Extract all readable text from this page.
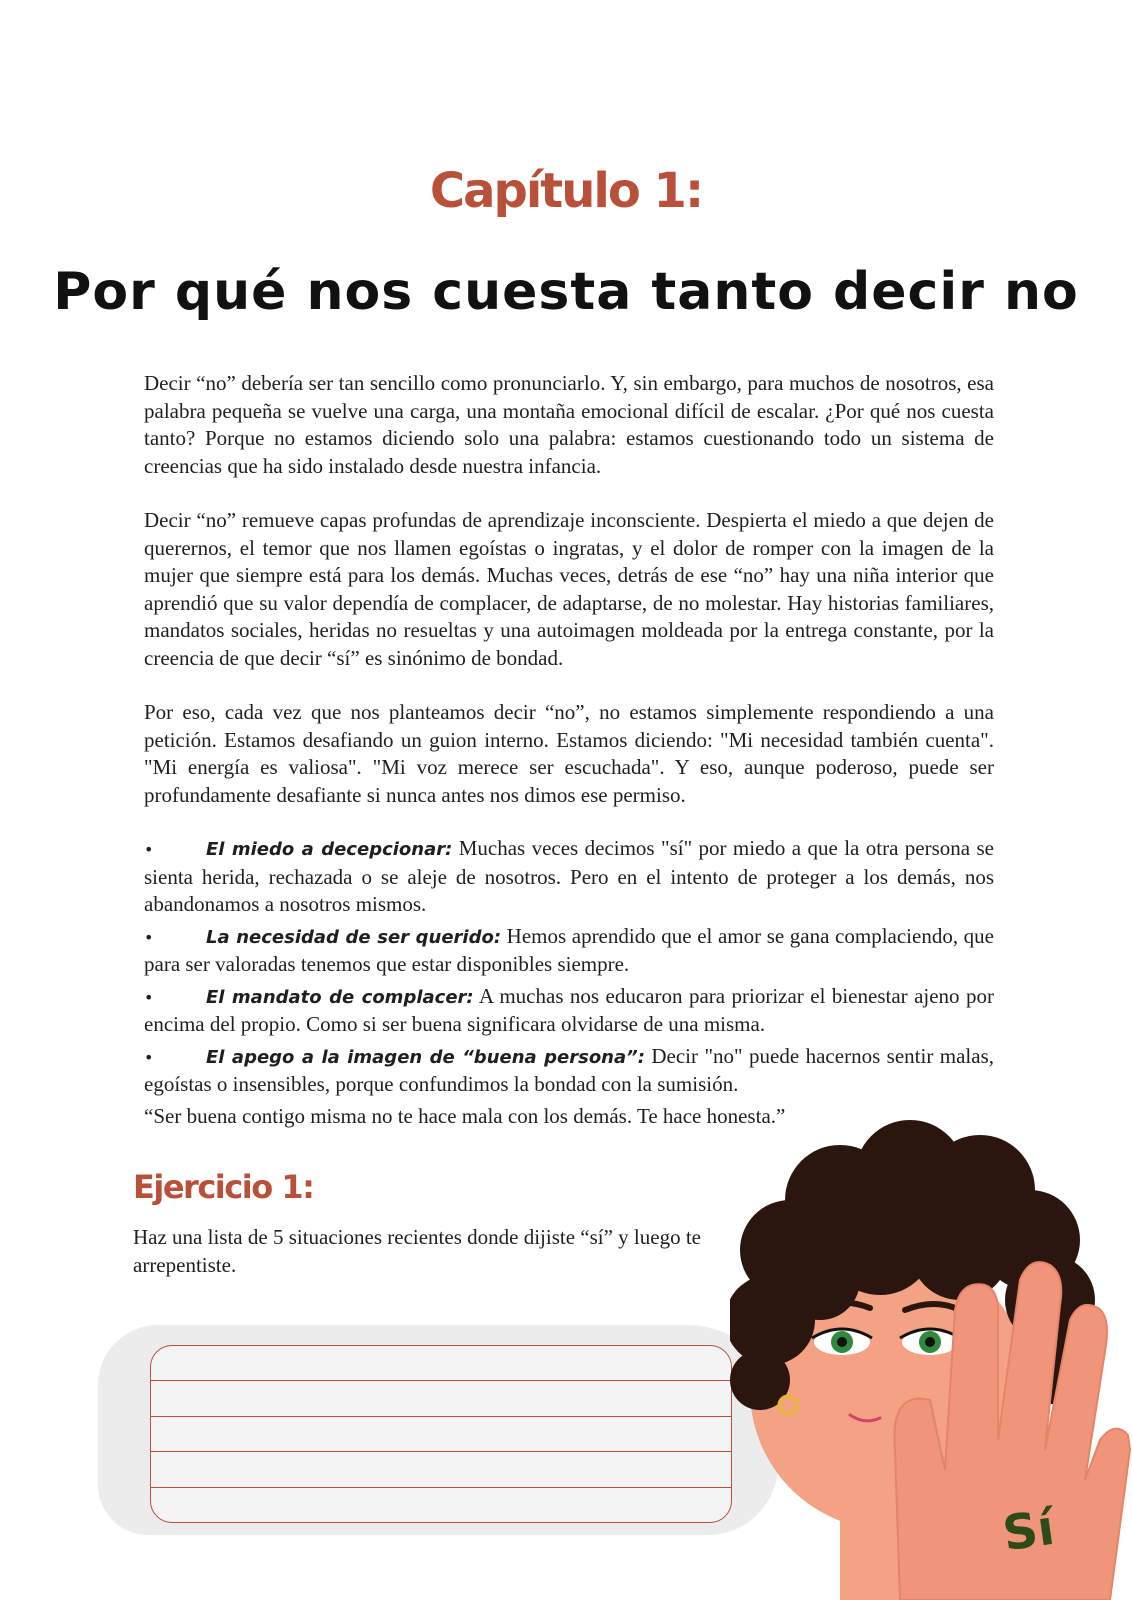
Capítulo 1:
Por qué nos cuesta tanto decir no

Decir “no” debería ser tan sencillo como pronunciarlo. Y, sin embargo, para muchos de nosotros, esa palabra pequeña se vuelve una carga, una montaña emocional difícil de escalar. ¿Por qué nos cuesta tanto? Porque no estamos diciendo solo una palabra: estamos cuestionando todo un sistema de creencias que ha sido instalado desde nuestra infancia.

Decir “no” remueve capas profundas de aprendizaje inconsciente. Despierta el miedo a que dejen de querernos, el temor que nos llamen egoístas o ingratas, y el dolor de romper con la imagen de la mujer que siempre está para los demás. Muchas veces, detrás de ese “no” hay una niña interior que aprendió que su valor dependía de complacer, de adaptarse, de no molestar. Hay historias familiares, mandatos sociales, heridas no resueltas y una autoimagen moldeada por la entrega constante, por la creencia de que decir “sí” es sinónimo de bondad.

Por eso, cada vez que nos planteamos decir “no”, no estamos simplemente respondiendo a una petición. Estamos desafiando un guion interno. Estamos diciendo: "Mi necesidad también cuenta". "Mi energía es valiosa". "Mi voz merece ser escuchada". Y eso, aunque poderoso, puede ser profundamente desafiante si nunca antes nos dimos ese permiso.

•	El miedo a decepcionar: Muchas veces decimos "sí" por miedo a que la otra persona se sienta herida, rechazada o se aleje de nosotros. Pero en el intento de proteger a los demás, nos abandonamos a nosotros mismos.

•	La necesidad de ser querido: Hemos aprendido que el amor se gana complaciendo, que para ser valoradas tenemos que estar disponibles siempre.

•	El mandato de complacer: A muchas nos educaron para priorizar el bienestar ajeno por encima del propio. Como si ser buena significara olvidarse de una misma.

•	El apego a la imagen de “buena persona”: Decir "no" puede hacernos sentir malas, egoístas o insensibles, porque confundimos la bondad con la sumisión.

“Ser buena contigo misma no te hace mala con los demás. Te hace honesta.”

Ejercicio 1:

Haz una lista de 5 situaciones recientes donde dijiste “sí” y luego te arrepentiste.

Sí
